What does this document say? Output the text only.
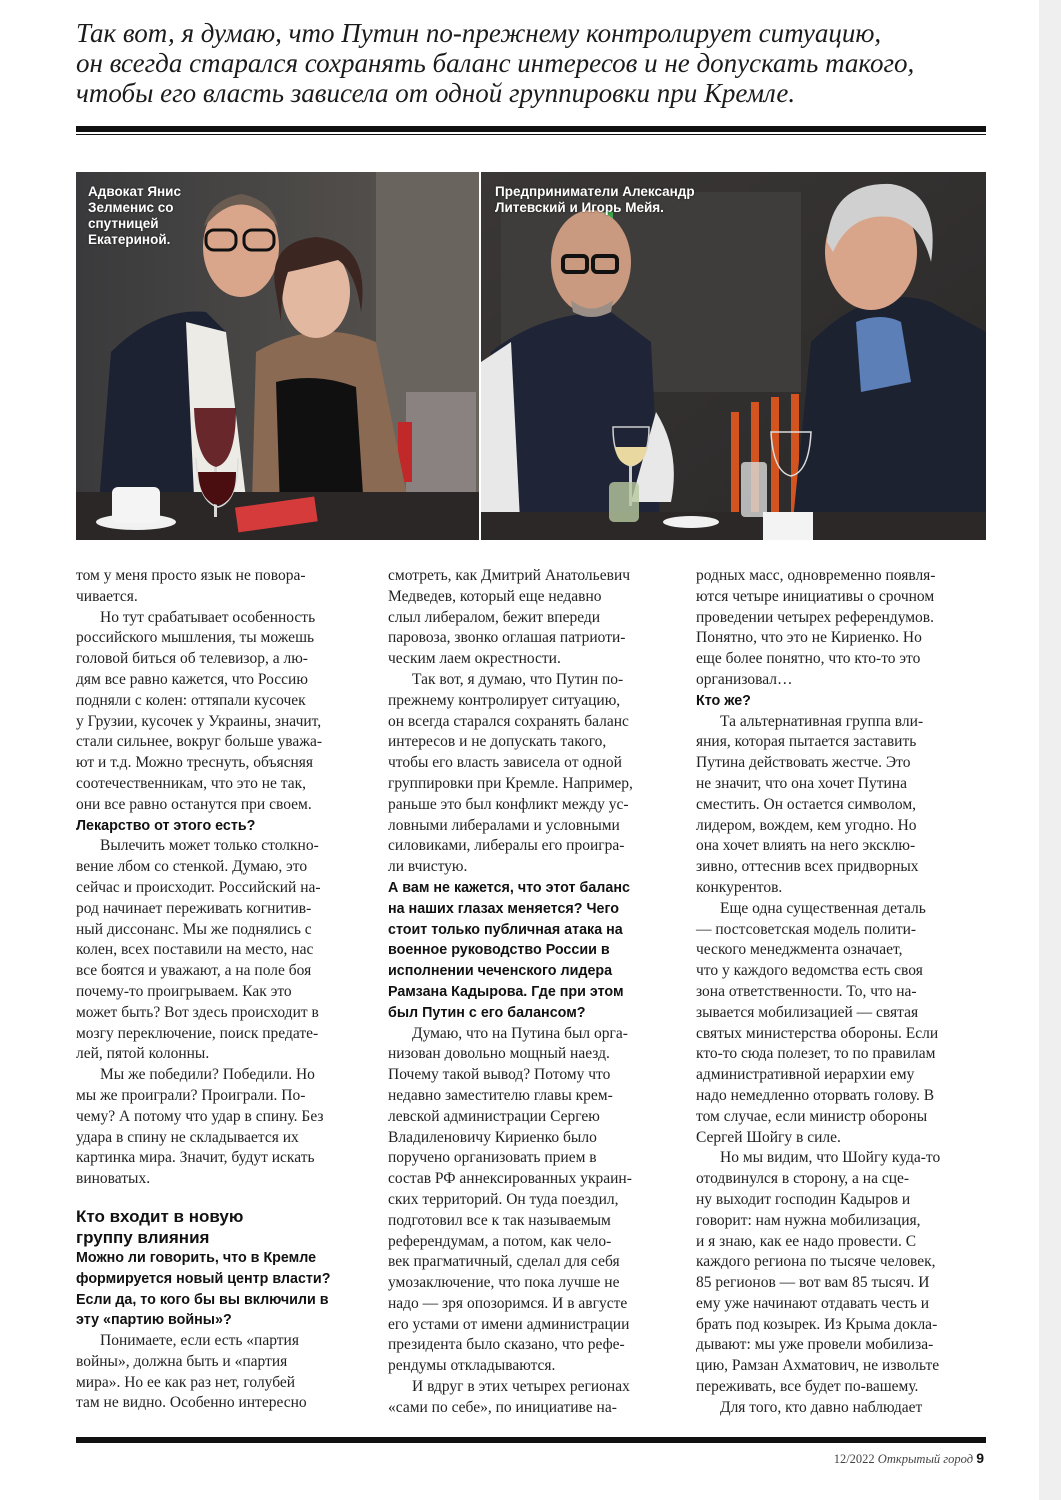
Так вот, я думаю, что Путин по-прежнему контролирует ситуацию,
он всегда старался сохранять баланс интересов и не допускать такого,
чтобы его власть зависела от одной группировки при Кремле.
Адвокат Янис
Зелменис со
спутницей
Екатериной.
Предприниматели Александр
Литевский и Игорь Мейя.
том у меня просто язык не повора-
чивается.
Но тут срабатывает особенность
российского мышления, ты можешь
головой биться об телевизор, а лю-
дям все равно кажется, что Россию
подняли с колен: оттяпали кусочек
у Грузии, кусочек у Украины, значит,
стали сильнее, вокруг больше уважа-
ют и т.д. Можно треснуть, объясняя
соотечественникам, что это не так,
они все равно останутся при своем.
Лекарство от этого есть?
Вылечить может только столкно-
вение лбом со стенкой. Думаю, это
сейчас и происходит. Российский на-
род начинает переживать когнитив-
ный диссонанс. Мы же поднялись с
колен, всех поставили на место, нас
все боятся и уважают, а на поле боя
почему-то проигрываем. Как это
может быть? Вот здесь происходит в
мозгу переключение, поиск предате-
лей, пятой колонны.
Мы же победили? Победили. Но
мы же проиграли? Проиграли. По-
чему? А потому что удар в спину. Без
удара в спину не складывается их
картинка мира. Значит, будут искать
виноватых.
Кто входит в новую
группу влияния
Можно ли говорить, что в Кремле
формируется новый центр власти?
Если да, то кого бы вы включили в
эту «партию войны»?
Понимаете, если есть «партия
войны», должна быть и «партия
мира». Но ее как раз нет, голубей
там не видно. Особенно интересно
смотреть, как Дмитрий Анатольевич
Медведев, который еще недавно
слыл либералом, бежит впереди
паровоза, звонко оглашая патриоти-
ческим лаем окрестности.
Так вот, я думаю, что Путин по-
прежнему контролирует ситуацию,
он всегда старался сохранять баланс
интересов и не допускать такого,
чтобы его власть зависела от одной
группировки при Кремле. Например,
раньше это был конфликт между ус-
ловными либералами и условными
силовиками, либералы его проигра-
ли вчистую.
А вам не кажется, что этот баланс
на наших глазах меняется? Чего
стоит только публичная атака на
военное руководство России в
исполнении чеченского лидера
Рамзана Кадырова. Где при этом
был Путин с его балансом?
Думаю, что на Путина был орга-
низован довольно мощный наезд.
Почему такой вывод? Потому что
недавно заместителю главы крем-
левской администрации Сергею
Владиленовичу Кириенко было
поручено организовать прием в
состав РФ аннексированных украин-
ских территорий. Он туда поездил,
подготовил все к так называемым
референдумам, а потом, как чело-
век прагматичный, сделал для себя
умозаключение, что пока лучше не
надо — зря опозоримся. И в августе
его устами от имени администрации
президента было сказано, что рефе-
рендумы откладываются.
И вдруг в этих четырех регионах
«сами по себе», по инициативе на-
родных масс, одновременно появля-
ются четыре инициативы о срочном
проведении четырех референдумов.
Понятно, что это не Кириенко. Но
еще более понятно, что кто-то это
организовал…
Кто же?
Та альтернативная группа вли-
яния, которая пытается заставить
Путина действовать жестче. Это
не значит, что она хочет Путина
сместить. Он остается символом,
лидером, вождем, кем угодно. Но
она хочет влиять на него эксклю-
зивно, оттеснив всех придворных
конкурентов.
Еще одна существенная деталь
— постсоветская модель полити-
ческого менеджмента означает,
что у каждого ведомства есть своя
зона ответственности. То, что на-
зывается мобилизацией — святая
святых министерства обороны. Если
кто-то сюда полезет, то по правилам
административной иерархии ему
надо немедленно оторвать голову. В
том случае, если министр обороны
Сергей Шойгу в силе.
Но мы видим, что Шойгу куда-то
отодвинулся в сторону, а на сце-
ну выходит господин Кадыров и
говорит: нам нужна мобилизация,
и я знаю, как ее надо провести. С
каждого региона по тысяче человек,
85 регионов — вот вам 85 тысяч. И
ему уже начинают отдавать честь и
брать под козырек. Из Крыма доклa-
дывают: мы уже провели мобилиза-
цию, Рамзан Ахматович, не извольте
переживать, все будет по-вашему.
Для того, кто давно наблюдает
12/2022 Открытый город 9
